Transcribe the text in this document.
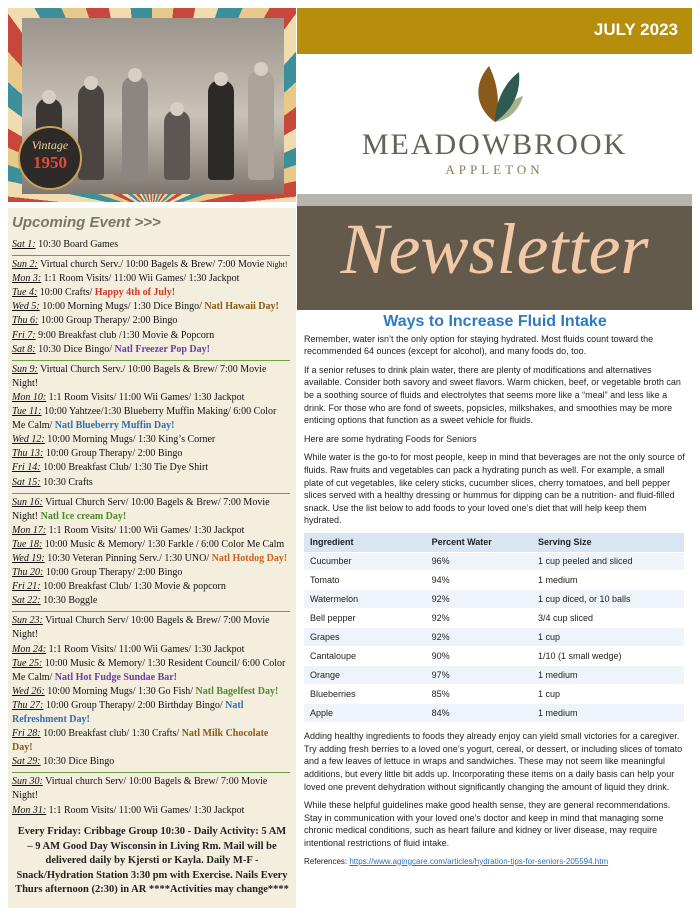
Vintage
1950
JULY 2023
MEADOWBROOK
APPLETON
Upcoming Event >>>
Sat 1: 10:30 Board Games
Sun 2: Virtual church Serv./ 10:00 Bagels & Brew/ 7:00 Movie Night!
Mon 3: 1:1 Room Visits/ 11:00 Wii Games/ 1:30 Jackpot
Tue 4: 10:00 Crafts/ Happy 4th of July!
Wed 5: 10:00 Morning Mugs/ 1:30 Dice Bingo/ Natl Hawaii Day!
Thu 6: 10:00 Group Therapy/ 2:00 Bingo
Fri 7: 9:00 Breakfast club /1:30 Movie & Popcorn
Sat 8: 10:30 Dice Bingo/ Natl Freezer Pop Day!
Sun 9: Virtual Church Serv./ 10:00 Bagels & Brew/ 7:00 Movie Night!
Mon 10: 1:1 Room Visits/ 11:00 Wii Games/ 1:30 Jackpot
Tue 11: 10:00 Yahtzee/1:30 Blueberry Muffin Making/ 6:00 Color Me Calm/ Natl Blueberry Muffin Day!
Wed 12: 10:00 Morning Mugs/ 1:30 King’s Corner
Thu 13: 10:00 Group Therapy/ 2:00 Bingo
Fri 14: 10:00 Breakfast Club/ 1:30 Tie Dye Shirt
Sat 15: 10:30 Crafts
Sun 16: Virtual Church Serv/ 10:00 Bagels & Brew/ 7:00 Movie Night! Natl Ice cream Day!
Mon 17: 1:1 Room Visits/ 11:00 Wii Games/ 1:30 Jackpot
Tue 18: 10:00 Music & Memory/ 1:30 Farkle / 6:00 Color Me Calm
Wed 19: 10:30 Veteran Pinning Serv./ 1:30 UNO/ Natl Hotdog Day!
Thu 20: 10:00 Group Therapy/ 2:00 Bingo
Fri 21: 10:00 Breakfast Club/ 1:30 Movie & popcorn
Sat 22: 10:30 Boggle
Sun 23: Virtual Church Serv/ 10:00 Bagels & Brew/ 7:00 Movie Night!
Mon 24: 1:1 Room Visits/ 11:00 Wii Games/ 1:30 Jackpot
Tue 25: 10:00 Music & Memory/ 1:30 Resident Council/ 6:00 Color Me Calm/ Natl Hot Fudge Sundae Bar!
Wed 26: 10:00 Morning Mugs/ 1:30 Go Fish/ Natl Bagelfest Day!
Thu 27: 10:00 Group Therapy/ 2:00 Birthday Bingo/ Natl Refreshment Day!
Fri 28: 10:00 Breakfast club/ 1:30 Crafts/ Natl Milk Chocolate Day!
Sat 29: 10:30 Dice Bingo
Sun 30: Virtual church Serv/ 10:00 Bagels & Brew/ 7:00 Movie Night!
Mon 31: 1:1 Room Visits/ 11:00 Wii Games/ 1:30 Jackpot
Every Friday: Cribbage Group 10:30 - Daily Activity: 5 AM – 9 AM Good Day Wisconsin in Living Rm. Mail will be delivered daily by Kjersti or Kayla. Daily M-F - Snack/Hydration Station 3:30 pm with Exercise. Nails Every Thurs afternoon (2:30) in AR ****Activities may change****
Newsletter
Ways to Increase Fluid Intake

Remember, water isn’t the only option for staying hydrated. Most fluids count toward the recommended 64 ounces (except for alcohol), and many foods do, too.

If a senior refuses to drink plain water, there are plenty of modifications and alternatives available. Consider both savory and sweet flavors. Warm chicken, beef, or vegetable broth can be a soothing source of fluids and electrolytes that seems more like a “meal” and less like a drink. For those who are fond of sweets, popsicles, milkshakes, and smoothies may be more enticing options that function as a sweet vehicle for fluids.

Here are some hydrating Foods for Seniors

While water is the go-to for most people, keep in mind that beverages are not the only source of fluids. Raw fruits and vegetables can pack a hydrating punch as well. For example, a small plate of cut vegetables, like celery sticks, cucumber slices, cherry tomatoes, and bell pepper slices served with a healthy dressing or hummus for dipping can be a nutrition- and fluid-filled snack. Use the list below to add foods to your loved one’s diet that will help keep them hydrated.

Ingredient	Percent Water	Serving Size
Cucumber	96%	1 cup peeled and sliced
Tomato	94%	1 medium
Watermelon	92%	1 cup diced, or 10 balls
Bell pepper	92%	3/4 cup sliced
Grapes	92%	1 cup
Cantaloupe	90%	1/10 (1 small wedge)
Orange	97%	1 medium
Blueberries	85%	1 cup
Apple	84%	1 medium

Adding healthy ingredients to foods they already enjoy can yield small victories for a caregiver. Try adding fresh berries to a loved one’s yogurt, cereal, or dessert, or including slices of tomato and a few leaves of lettuce in wraps and sandwiches. These may not seem like meaningful additions, but every little bit adds up. Incorporating these items on a daily basis can help your loved one prevent dehydration without significantly changing the amount of liquid they drink.

While these helpful guidelines make good health sense, they are general recommendations. Stay in communication with your loved one’s doctor and keep in mind that managing some chronic medical conditions, such as heart failure and kidney or liver disease, may require intentional restrictions of fluid intake.

References: https://www.agingcare.com/articles/hydration-tips-for-seniors-205594.htm
